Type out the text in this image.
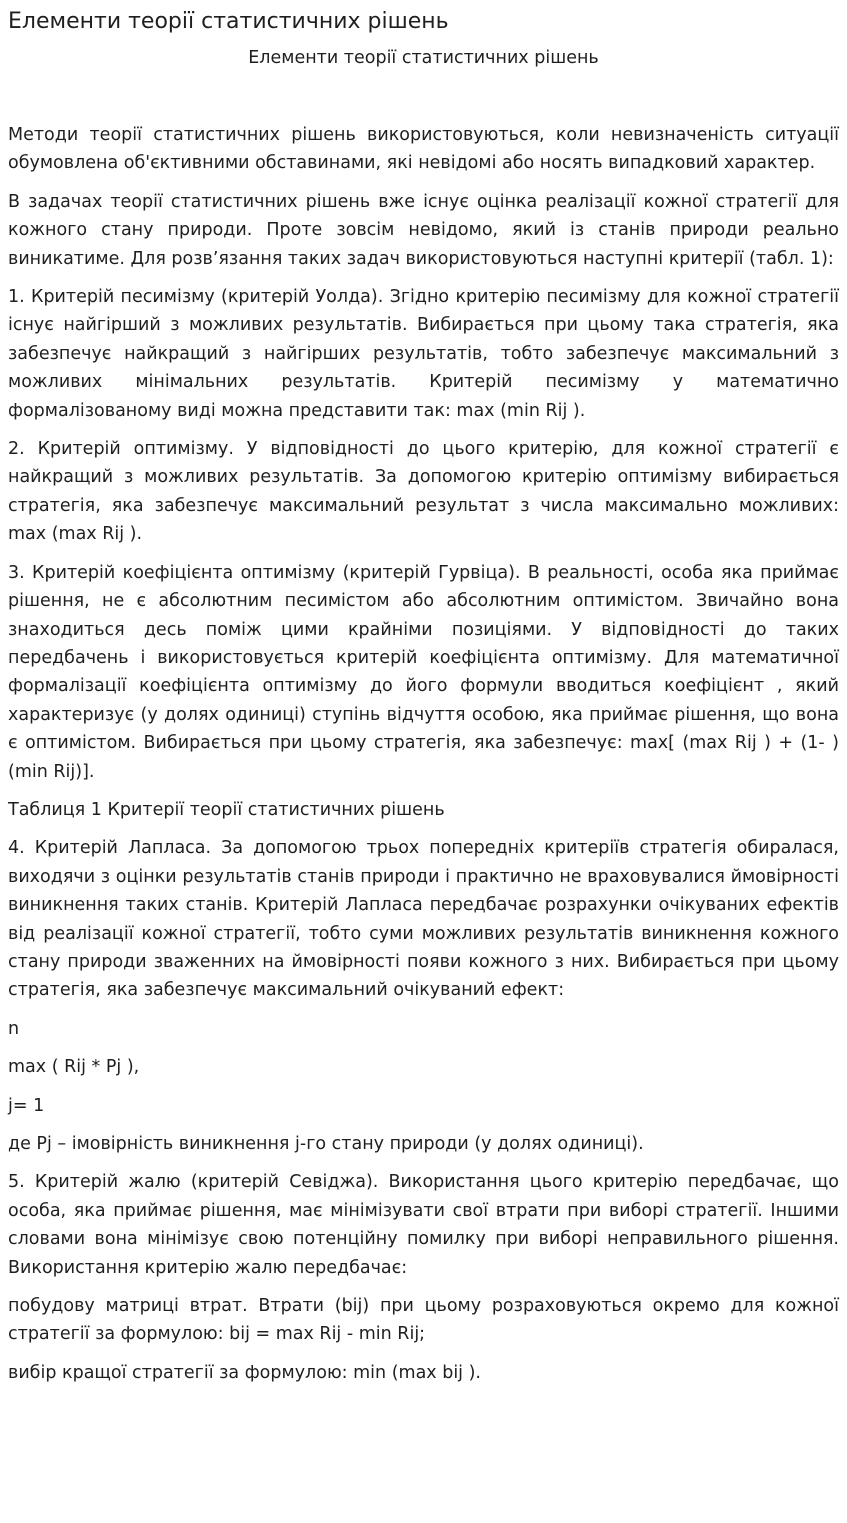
Елементи теорії статистичних рішень
Елементи теорії статистичних рішень

Методи теорії статистичних рішень використовуються, коли невизначеність ситуації обумовлена об'єктивними обставинами, які невідомі або носять випадковий характер.

В задачах теорії статистичних рішень вже існує оцінка реалізації кожної стратегії для кожного стану природи. Проте зовсім невідомо, який із станів природи реально виникатиме. Для розв’язання таких задач використовуються наступні критерії (табл. 1):

1. Критерій песимізму (критерій Уолда). Згідно критерію песимізму для кожної стратегії існує найгірший з можливих результатів. Вибирається при цьому така стратегія, яка забезпечує найкращий з найгірших результатів, тобто забезпечує максимальний з можливих мінімальних результатів. Критерій песимізму у математично формалізованому виді можна представити так: max (min Rij ).

2. Критерій оптимізму. У відповідності до цього критерію, для кожної стратегії є найкращий з можливих результатів. За допомогою критерію оптимізму вибирається стратегія, яка забезпечує максимальний результат з числа максимально можливих: max (max Rij ).

3. Критерій коефіцієнта оптимізму (критерій Гурвіца). В реальності, особа яка приймає рішення, не є абсолютним песимістом або абсолютним оптимістом. Звичайно вона знаходиться десь поміж цими крайніми позиціями. У відповідності до таких передбачень і використовується критерій коефіцієнта оптимізму. Для математичної формалізації коефіцієнта оптимізму до його формули вводиться коефіцієнт , який характеризує (у долях одиниці) ступінь відчуття особою, яка приймає рішення, що вона є оптимістом. Вибирається при цьому стратегія, яка забезпечує: max[ (max Rij ) + (1- )(min Rij)].

Таблиця 1 Критерії теорії статистичних рішень

4. Критерій Лапласа. За допомогою трьох попередніх критеріїв стратегія обиралася, виходячи з оцінки результатів станів природи і практично не враховувалися ймовірності виникнення таких станів. Критерій Лапласа передбачає розрахунки очікуваних ефектів від реалізації кожної стратегії, тобто суми можливих результатів виникнення кожного стану природи зваженних на ймовірності появи кожного з них. Вибирається при цьому стратегія, яка забезпечує максимальний очікуваний ефект:

n

max ( Rij * Pj ),

j= 1

де Pj – імовірність виникнення j-го стану природи (у долях одиниці).

5. Критерій жалю (критерій Севіджа). Використання цього критерію передбачає, що особа, яка приймає рішення, має мінімізувати свої втрати при виборі стратегії. Іншими словами вона мінімізує свою потенційну помилку при виборі неправильного рішення. Використання критерію жалю передбачає:

побудову матриці втрат. Втрати (bij) при цьому розраховуються окремо для кожної стратегії за формулою: bij = max Rij - min Rij;

вибір кращої стратегії за формулою: min (max bij ).
